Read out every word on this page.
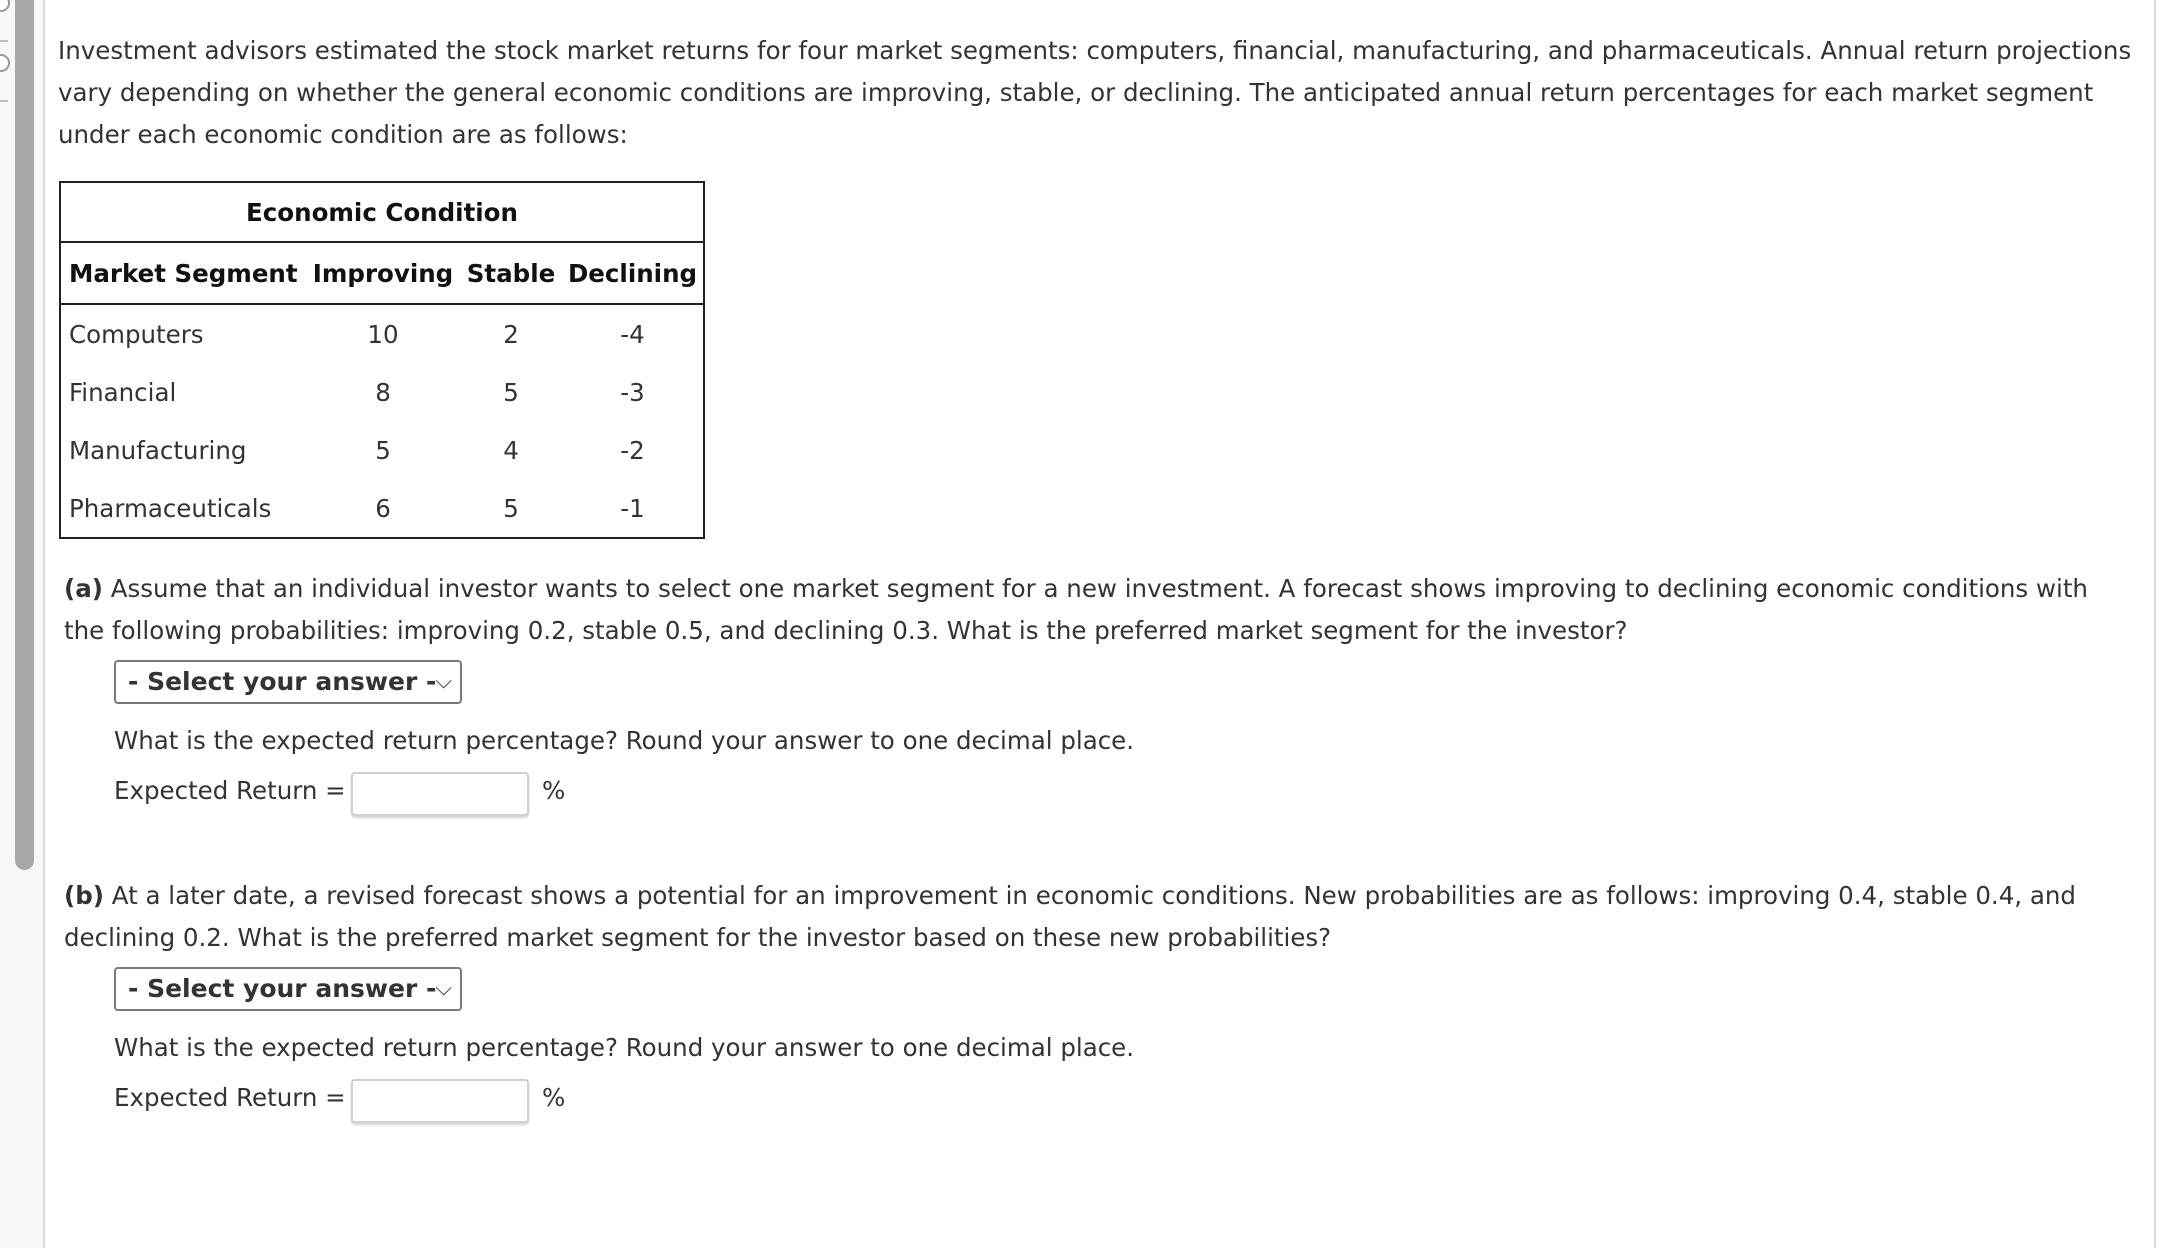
Investment advisors estimated the stock market returns for four market segments: computers, financial, manufacturing, and pharmaceuticals. Annual return projections vary depending on whether the general economic conditions are improving, stable, or declining. The anticipated annual return percentages for each market segment under each economic condition are as follows:

Economic Condition			
Market Segment	Improving	Stable	Declining
Computers	10	2	-4
Financial	8	5	-3
Manufacturing	5	4	-2
Pharmaceuticals	6	5	-1
(a) Assume that an individual investor wants to select one market segment for a new investment. A forecast shows improving to declining economic conditions with the following probabilities: improving 0.2, stable 0.5, and declining 0.3. What is the preferred market segment for the investor?
- Select your answer -
⌵
What is the expected return percentage? Round your answer to one decimal place.
Expected Return =	%
(b) At a later date, a revised forecast shows a potential for an improvement in economic conditions. New probabilities are as follows: improving 0.4, stable 0.4, and declining 0.2. What is the preferred market segment for the investor based on these new probabilities?
- Select your answer -
⌵
What is the expected return percentage? Round your answer to one decimal place.
Expected Return =	%
